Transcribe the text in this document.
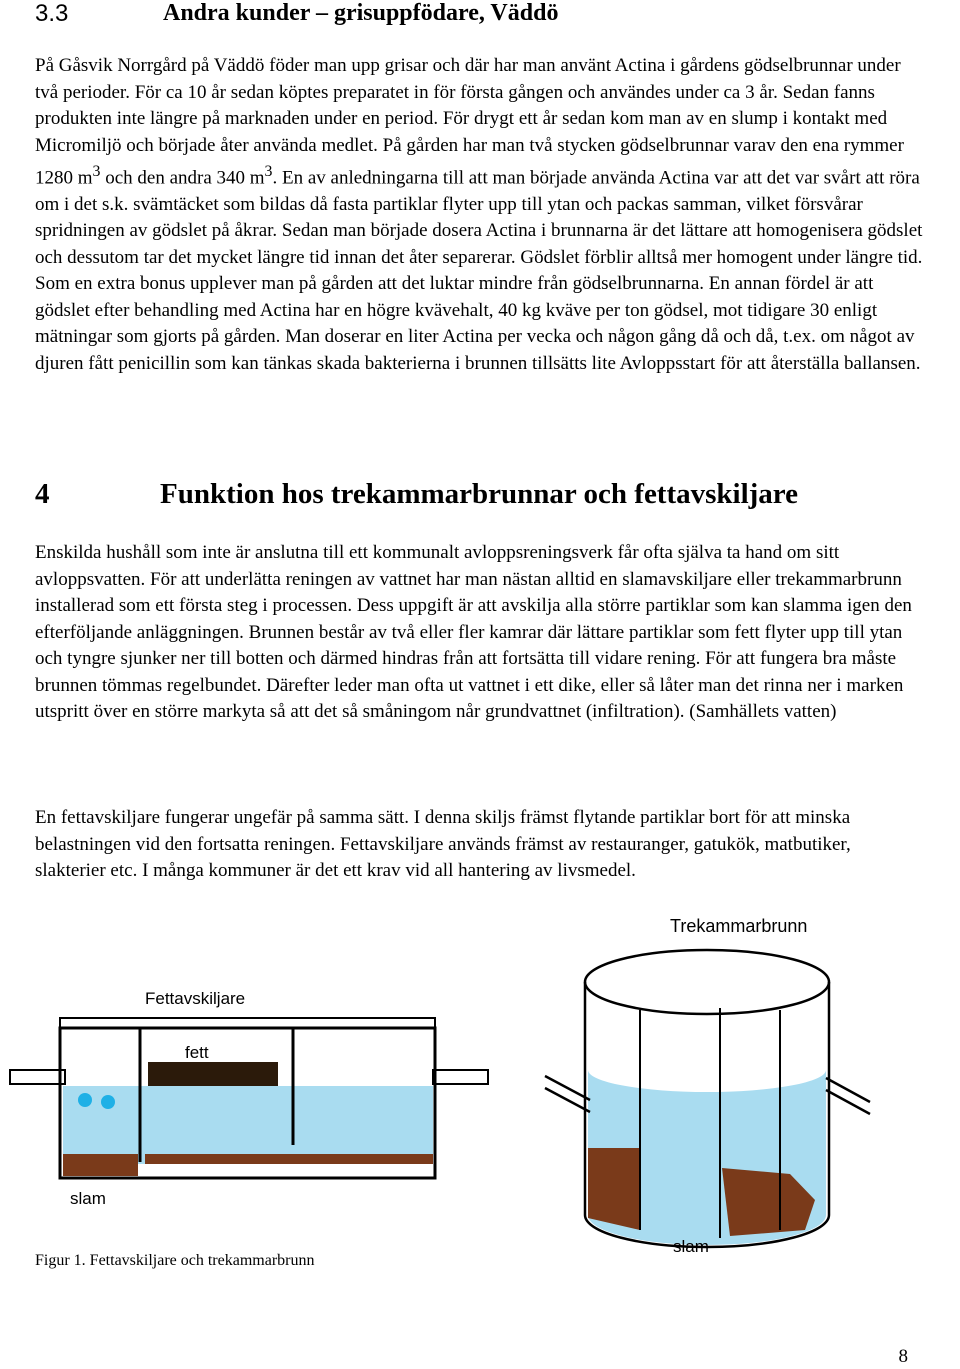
3.3	Andra kunder – grisuppfödare, Väddö

På Gåsvik Norrgård på Väddö föder man upp grisar och där har man använt Actina i gårdens gödselbrunnar under två perioder. För ca 10 år sedan köptes preparatet in för första gången och användes under ca 3 år. Sedan fanns produkten inte längre på marknaden under en period. För drygt ett år sedan kom man av en slump i kontakt med Micromiljö och började åter använda medlet. På gården har man två stycken gödselbrunnar varav den ena rymmer 1280 $m^3$ och den andra 340 $m^3$. En av anledningarna till att man började använda Actina var att det var svårt att röra om i det s.k. svämtäcket som bildas då fasta partiklar flyter upp till ytan och packas samman, vilket försvårar spridningen av gödslet på åkrar. Sedan man började dosera Actina i brunnarna är det lättare att homogenisera gödslet och dessutom tar det mycket längre tid innan det åter separerar. Gödslet förblir alltså mer homogent under längre tid. Som en extra bonus upplever man på gården att det luktar mindre från gödselbrunnarna. En annan fördel är att gödslet efter behandling med Actina har en högre kvävehalt, 40 kg kväve per ton gödsel, mot tidigare 30 enligt mätningar som gjorts på gården. Man doserar en liter Actina per vecka och någon gång då och då, t.ex. om något av djuren fått penicillin som kan tänkas skada bakterierna i brunnen tillsätts lite Avloppsstart för att återställa ballansen.

4	Funktion hos trekammarbrunnar och fettavskiljare

Enskilda hushåll som inte är anslutna till ett kommunalt avloppsreningsverk får ofta själva ta hand om sitt avloppsvatten. För att underlätta reningen av vattnet har man nästan alltid en slamavskiljare eller trekammarbrunn installerad som ett första steg i processen. Dess uppgift är att avskilja alla större partiklar som kan slamma igen den efterföljande anläggningen. Brunnen består av två eller fler kamrar där lättare partiklar som fett flyter upp till ytan och tyngre sjunker ner till botten och därmed hindras från att fortsätta till vidare rening. För att fungera bra måste brunnen tömmas regelbundet. Därefter leder man ofta ut vattnet i ett dike, eller så låter man det rinna ner i marken utspritt över en större markyta så att det så småningom når grundvattnet (infiltration). (Samhällets vatten)

En fettavskiljare fungerar ungefär på samma sätt. I denna skiljs främst flytande partiklar bort för att minska belastningen vid den fortsatta reningen. Fettavskiljare används främst av restauranger, gatukök, matbutiker, slakterier etc. I många kommuner är det ett krav vid all hantering av livsmedel.

Fettavskiljare
fett
slam
Trekammarbrunn
slam

Figur 1. Fettavskiljare och trekammarbrunn

8
